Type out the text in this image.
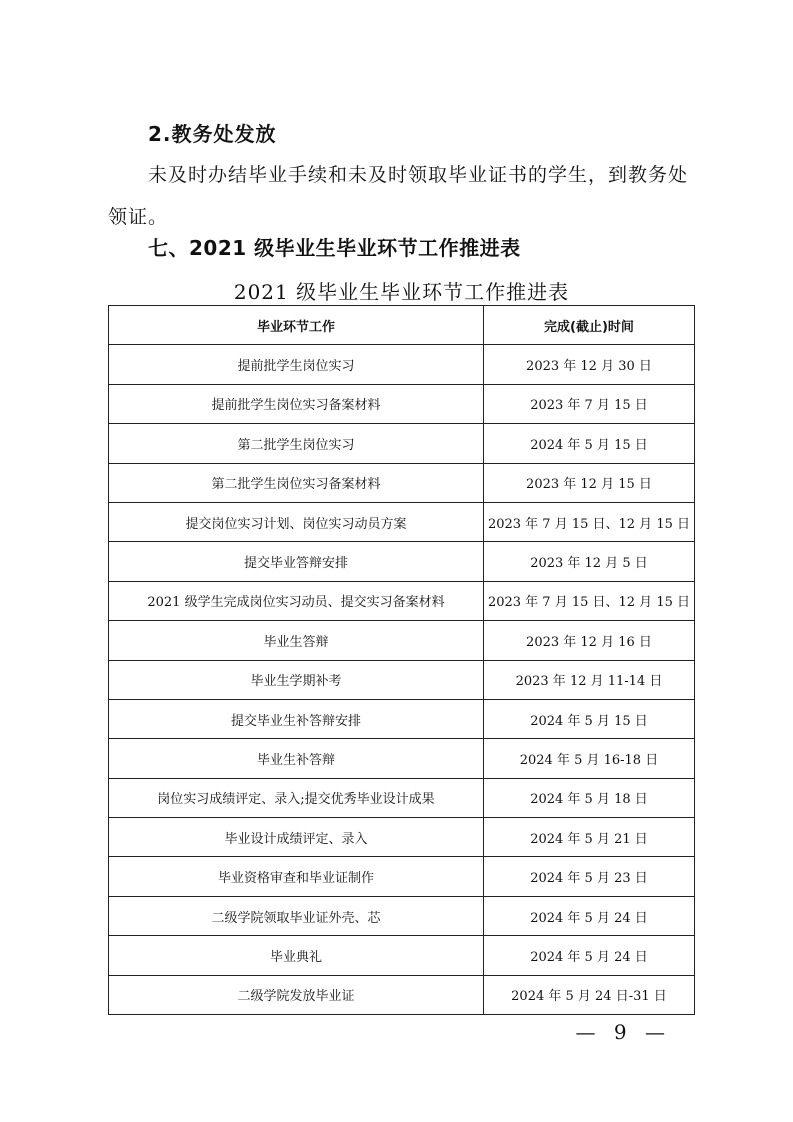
2.教务处发放
未及时办结毕业手续和未及时领取毕业证书的学生，到教务处领证。
七、2021 级毕业生毕业环节工作推进表
2021 级毕业生毕业环节工作推进表
毕业环节工作	完成(截止)时间
提前批学生岗位实习	2023 年 12 月 30 日
提前批学生岗位实习备案材料	2023 年 7 月 15 日
第二批学生岗位实习	2024 年 5 月 15 日
第二批学生岗位实习备案材料	2023 年 12 月 15 日
提交岗位实习计划、岗位实习动员方案	2023 年 7 月 15 日、12 月 15 日
提交毕业答辩安排	2023 年 12 月 5 日
2021 级学生完成岗位实习动员、提交实习备案材料	2023 年 7 月 15 日、12 月 15 日
毕业生答辩	2023 年 12 月 16 日
毕业生学期补考	2023 年 12 月 11-14 日
提交毕业生补答辩安排	2024 年 5 月 15 日
毕业生补答辩	2024 年 5 月 16-18 日
岗位实习成绩评定、录入;提交优秀毕业设计成果	2024 年 5 月 18 日
毕业设计成绩评定、录入	2024 年 5 月 21 日
毕业资格审查和毕业证制作	2024 年 5 月 23 日
二级学院领取毕业证外壳、芯	2024 年 5 月 24 日
毕业典礼	2024 年 5 月 24 日
二级学院发放毕业证	2024 年 5 月 24 日-31 日
— 9 —
